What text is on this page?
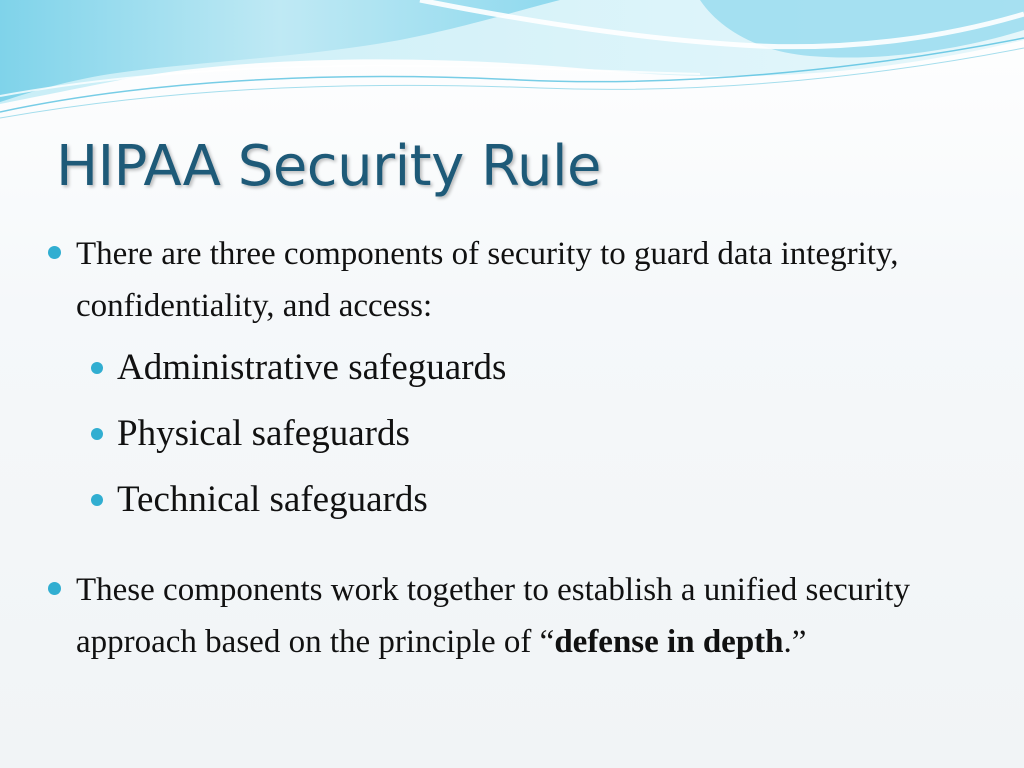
HIPAA Security Rule
There are three components of security to guard data integrity, confidentiality, and access:
Administrative safeguards
Physical safeguards
Technical safeguards
These components work together to establish a unified security approach based on the principle of “defense in depth.”
